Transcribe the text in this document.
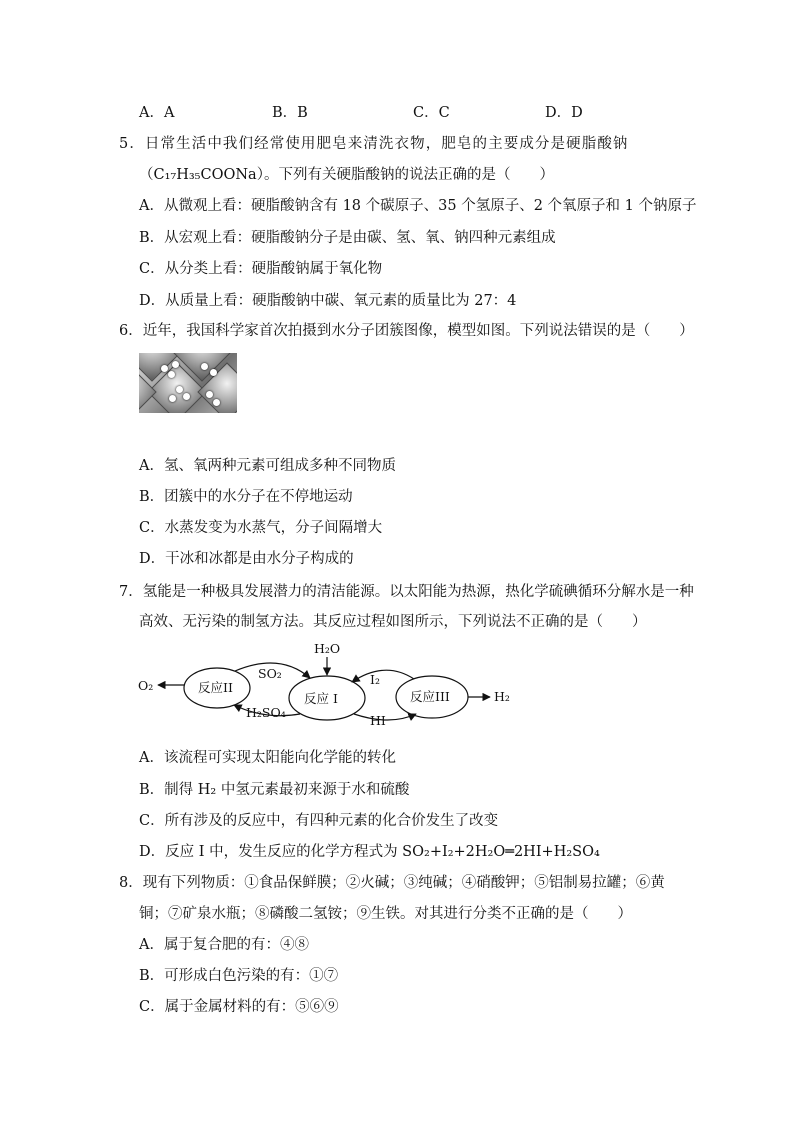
A．A	B．B	C．C	D．D
5．日常生活中我们经常使用肥皂来清洗衣物，肥皂的主要成分是硬脂酸钠
（C₁₇H₃₅COONa）。下列有关硬脂酸钠的说法正确的是（　　）
A．从微观上看：硬脂酸钠含有 18 个碳原子、35 个氢原子、2 个氧原子和 1 个钠原子
B．从宏观上看：硬脂酸钠分子是由碳、氢、氧、钠四种元素组成
C．从分类上看：硬脂酸钠属于氧化物
D．从质量上看：硬脂酸钠中碳、氧元素的质量比为 27：4
6．近年，我国科学家首次拍摄到水分子团簇图像，模型如图。下列说法错误的是（　　）
A．氢、氧两种元素可组成多种不同物质
B．团簇中的水分子在不停地运动
C．水蒸发变为水蒸气，分子间隔增大
D．干冰和冰都是由水分子构成的
7．氢能是一种极具发展潜力的清洁能源。以太阳能为热源，热化学硫碘循环分解水是一种
高效、无污染的制氢方法。其反应过程如图所示，下列说法不正确的是（　　）
O₂	反应II
SO₂
H₂O
反应 I
I₂
反应III	H₂
H₂SO₄
HI
A．该流程可实现太阳能向化学能的转化
B．制得 H₂ 中氢元素最初来源于水和硫酸
C．所有涉及的反应中，有四种元素的化合价发生了改变
D．反应 I 中，发生反应的化学方程式为 SO₂+I₂+2H₂O═2HI+H₂SO₄
8．现有下列物质：①食品保鲜膜；②火碱；③纯碱；④硝酸钾；⑤铝制易拉罐；⑥黄
铜；⑦矿泉水瓶；⑧磷酸二氢铵；⑨生铁。对其进行分类不正确的是（　　）
A．属于复合肥的有：④⑧
B．可形成白色污染的有：①⑦
C．属于金属材料的有：⑤⑥⑨
